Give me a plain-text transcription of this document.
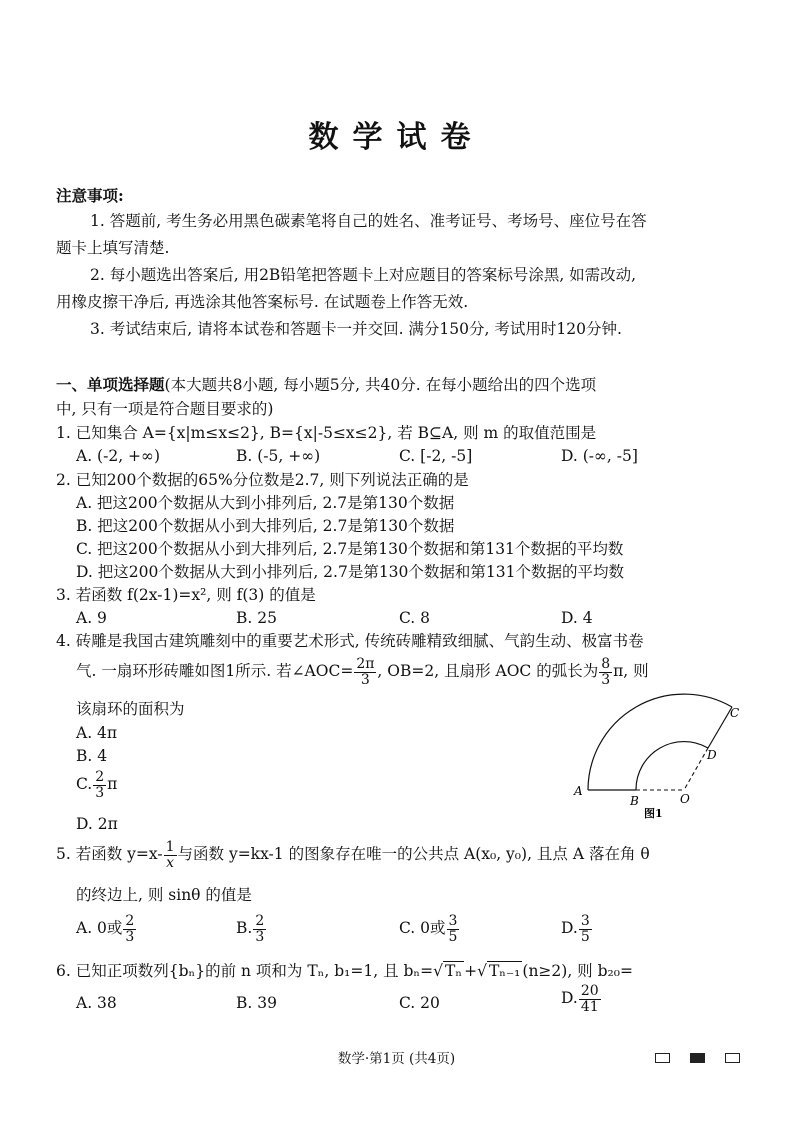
数学试卷
注意事项:
1. 答题前, 考生务必用黑色碳素笔将自己的姓名、准考证号、考场号、座位号在答
题卡上填写清楚.
2. 每小题选出答案后, 用2B铅笔把答题卡上对应题目的答案标号涂黑, 如需改动,
用橡皮擦干净后, 再选涂其他答案标号. 在试题卷上作答无效.
3. 考试结束后, 请将本试卷和答题卡一并交回. 满分150分, 考试用时120分钟.
一、单项选择题(本大题共8小题, 每小题5分, 共40分. 在每小题给出的四个选项
中, 只有一项是符合题目要求的)
1. 已知集合 A={x|m≤x≤2}, B={x|-5≤x≤2}, 若 B⊆A, 则 m 的取值范围是
A. (-2, +∞)	B. (-5, +∞)	C. [-2, -5]	D. (-∞, -5]
2. 已知200个数据的65%分位数是2.7, 则下列说法正确的是
A. 把这200个数据从大到小排列后, 2.7是第130个数据
B. 把这200个数据从小到大排列后, 2.7是第130个数据
C. 把这200个数据从小到大排列后, 2.7是第130个数据和第131个数据的平均数
D. 把这200个数据从大到小排列后, 2.7是第130个数据和第131个数据的平均数
3. 若函数 f(2x-1)=x², 则 f(3) 的值是
A. 9	B. 25	C. 8	D. 4
4. 砖雕是我国古建筑雕刻中的重要艺术形式, 传统砖雕精致细腻、气韵生动、极富书卷
气. 一扇环形砖雕如图1所示. 若∠AOC= $\frac{2\pi}{3}$ , OB=2, 且扇形 AOC 的弧长为 $\frac{8}{3} \pi$, 则
该扇环的面积为
A. 4π
B. 4
C. $\frac{2}{3}$ π
D. 2π
A
B	O
C
D
图1
5. 若函数 $y=x- \frac{1}{x}$ 与函数 y=kx-1 的图象存在唯一的公共点 A(x₀, y₀), 且点 A 落在角 θ
的终边上, 则 sinθ 的值是
A. 0或 $\frac{2}{3}$	B. $\frac{2}{3}$	C. 0或 $\frac{3}{5}$	D. $\frac{3}{5}$
6. 已知正项数列{bₙ}的前 n 项和为 Tₙ, b₁=1, 且 bₙ=√ Tₙ +√ Tₙ₋₁ (n≥2), 则 b₂₀=
A. 38	B. 39	C. 20	D. $\frac{20}{41}$
数学·第1页 (共4页)
